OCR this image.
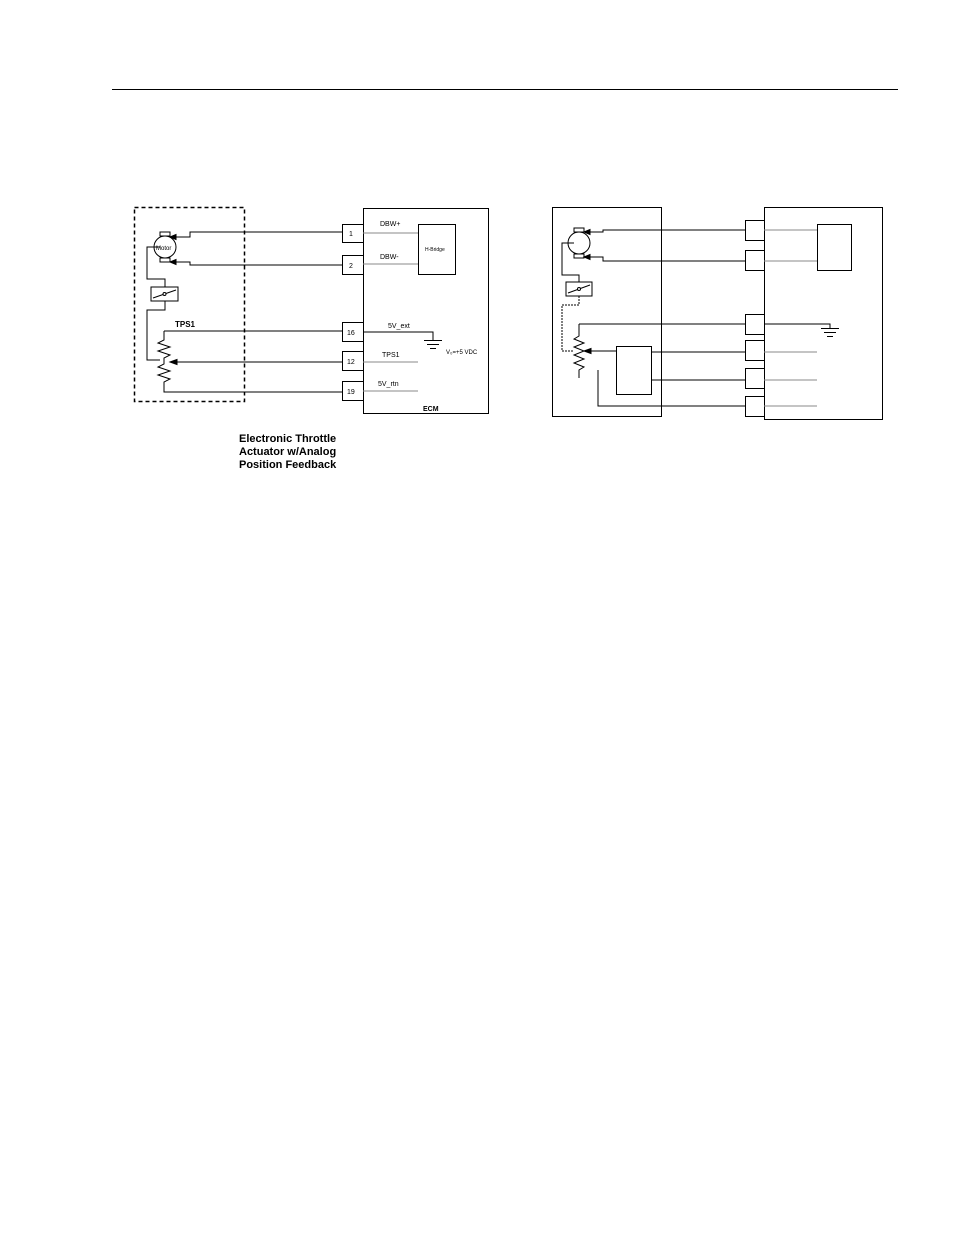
ECM
H-Bridge
1
2
16
12
19
DBW+
DBW-
5V_ext
TPS1
5V_rtn
V₀=+5 VDC
Motor
TPS1
Electronic Throttle
Actuator w/Analog
Position Feedback
